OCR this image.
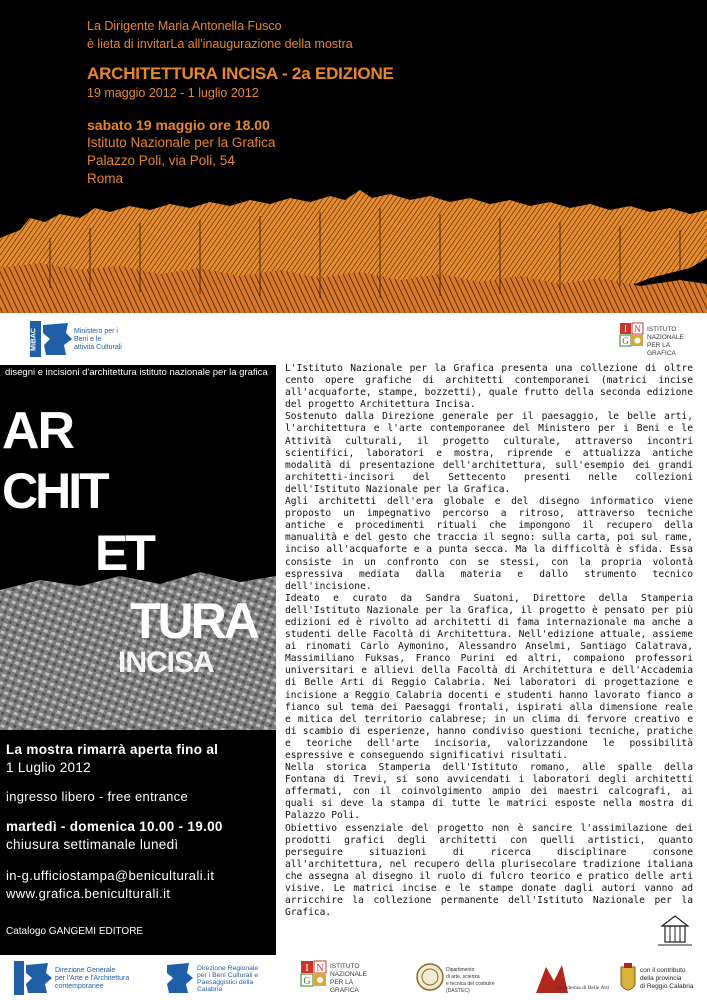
La Dirigente Maria Antonella Fusco
è lieta di invitarLa all'inaugurazione della mostra
ARCHITETTURA INCISA - 2a EDIZIONE
19 maggio 2012 - 1 luglio 2012
sabato 19 maggio ore 18.00
Istituto Nazionale per la Grafica
Palazzo Poli, via Poli, 54
Roma
MiBAC	Ministero per i
Beni e le
attività Culturali
I N
G
ISTITUTO
NAZIONALE
PER LA
GRAFICA
disegni e incisioni d'architettura istituto nazionale per la grafica
AR
CHIT
ET
TURA
INCISA
La mostra rimarrà aperta fino al
1 Luglio 2012
ingresso libero - free entrance
martedì - domenica 10.00 - 19.00
chiusura settimanale lunedì
in-g.ufficiostampa@beniculturali.it
www.grafica.beniculturali.it
Catalogo GANGEMI EDITORE

L'Istituto Nazionale per la Grafica presenta una collezione di oltre cento opere grafiche di architetti contemporanei (matrici incise all'acquaforte, stampe, bozzetti), quale frutto della seconda edizione del progetto Architettura Incisa.

Sostenuto dalla Direzione generale per il paesaggio, le belle arti, l'architettura e l'arte contemporanee del Ministero per i Beni e le Attività culturali, il progetto culturale, attraverso incontri scientifici, laboratori e mostra, riprende e attualizza antiche modalità di presentazione dell'architettura, sull'esempio dei grandi architetti-incisori del Settecento presenti nelle collezioni dell'Istituto Nazionale per la Grafica.

Agli architetti dell'era globale e del disegno informatico viene proposto un impegnativo percorso a ritroso, attraverso tecniche antiche e procedimenti rituali che impongono il recupero della manualità e del gesto che traccia il segno: sulla carta, poi sul rame, inciso all'acquaforte e a punta secca. Ma la difficoltà è sfida. Essa consiste in un confronto con se stessi, con la propria volontà espressiva mediata dalla materia e dallo strumento tecnico dell'incisione.

Ideato e curato da Sandra Suatoni, Direttore della Stamperia dell'Istituto Nazionale per la Grafica, il progetto è pensato per più edizioni ed è rivolto ad architetti di fama internazionale ma anche a studenti delle Facoltà di Architettura. Nell'edizione attuale, assieme ai rinomati Carlo Aymonino, Alessandro Anselmi, Santiago Calatrava, Massimiliano Fuksas, Franco Purini ed altri, compaiono professori universitari e allievi della Facoltà di Architettura e dell'Accademia di Belle Arti di Reggio Calabria. Nei laboratori di progettazione e incisione a Reggio Calabria docenti e studenti hanno lavorato fianco a fianco sul tema dei Paesaggi frontali, ispirati alla dimensione reale e mitica del territorio calabrese; in un clima di fervore creativo e di scambio di esperienze, hanno condiviso questioni tecniche, pratiche e teoriche dell'arte incisoria, valorizzandone le possibilità espressive e conseguendo significativi risultati.

Nella storica Stamperia dell'Istituto romano, alle spalle della Fontana di Trevi, si sono avvicendati i laboratori degli architetti affermati, con il coinvolgimento ampio dei maestri calcografi, ai quali si deve la stampa di tutte le matrici esposte nella mostra di Palazzo Poli.

Obiettivo essenziale del progetto non è sancire l'assimilazione dei prodotti grafici degli architetti con quelli artistici, quanto perseguire situazioni di ricerca disciplinare consone all'architettura, nel recupero della plurisecolare tradizione italiana che assegna al disegno il ruolo di fulcro teorico e pratico delle arti visive. Le matrici incise e le stampe donate dagli autori vanno ad arricchire la collezione permanente dell'Istituto Nazionale per la Grafica.

Direzione Generale
per l'Arte e l'Architettura
contemporanee
Direzione Regionale
per i Beni Culturali e
Paesaggistici della
Calabria
I N
G
ISTITUTO
NAZIONALE
PER LA
GRAFICA
Dipartimento
di arte, scienza
e tecnica del costruire
(DASTEC)	Accademia di Belle Arti
con il contributo
della provincia
di Reggio Calabria
